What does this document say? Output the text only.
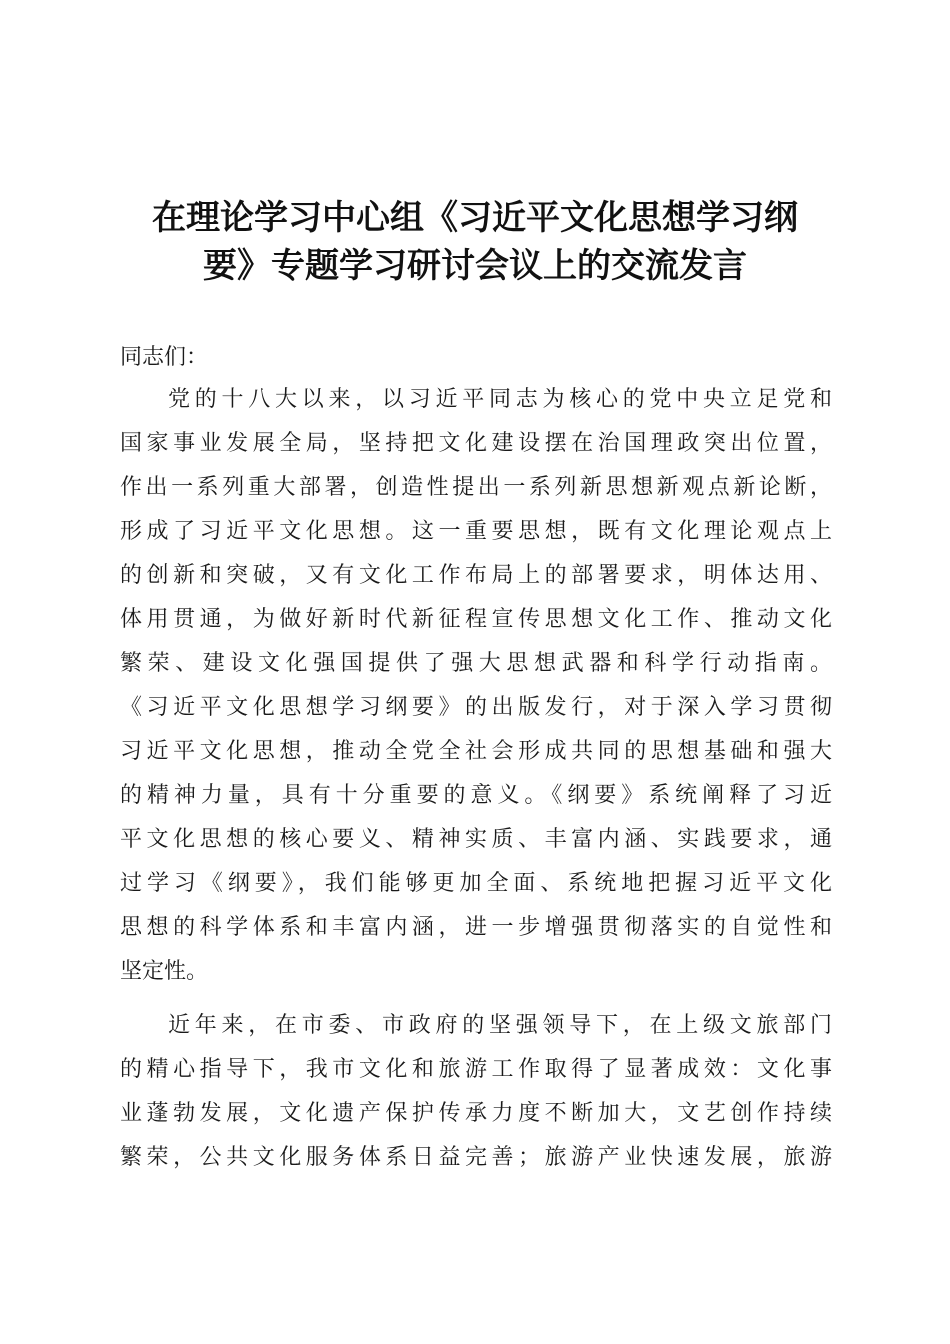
在理论学习中心组《习近平文化思想学习纲
要》专题学习研讨会议上的交流发言
同志们：
党的十八大以来，以习近平同志为核心的党中央立足党和
国家事业发展全局，坚持把文化建设摆在治国理政突出位置，
作出一系列重大部署，创造性提出一系列新思想新观点新论断，
形成了习近平文化思想。这一重要思想，既有文化理论观点上
的创新和突破，又有文化工作布局上的部署要求，明体达用、
体用贯通，为做好新时代新征程宣传思想文化工作、推动文化
繁荣、建设文化强国提供了强大思想武器和科学行动指南。
《习近平文化思想学习纲要》的出版发行，对于深入学习贯彻
习近平文化思想，推动全党全社会形成共同的思想基础和强大
的精神力量，具有十分重要的意义。《纲要》系统阐释了习近
平文化思想的核心要义、精神实质、丰富内涵、实践要求，通
过学习《纲要》，我们能够更加全面、系统地把握习近平文化
思想的科学体系和丰富内涵，进一步增强贯彻落实的自觉性和
坚定性。
近年来，在市委、市政府的坚强领导下，在上级文旅部门
的精心指导下，我市文化和旅游工作取得了显著成效：文化事
业蓬勃发展，文化遗产保护传承力度不断加大，文艺创作持续
繁荣，公共文化服务体系日益完善；旅游产业快速发展，旅游
